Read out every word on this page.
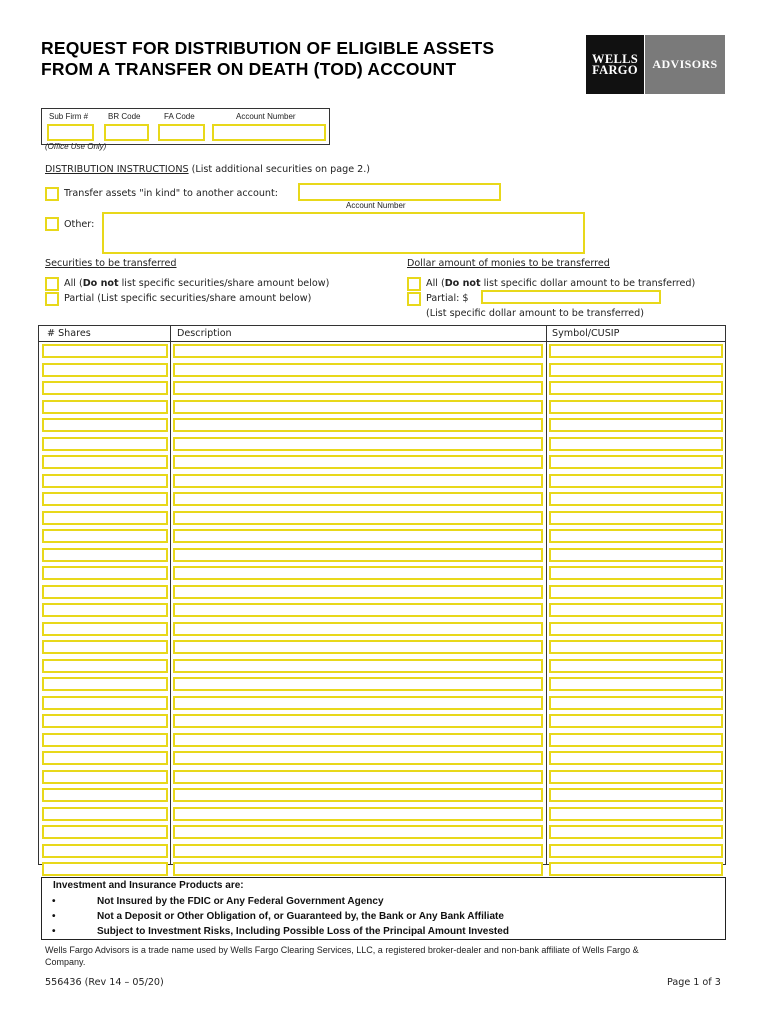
REQUEST FOR DISTRIBUTION OF ELIGIBLE ASSETS
FROM A TRANSFER ON DEATH (TOD) ACCOUNT
WELLS
FARGO	ADVISORS
Sub Firm # BR Code	FA Code	Account Number
(Office Use Only)
DISTRIBUTION INSTRUCTIONS (List additional securities on page 2.)
Transfer assets "in kind" to another account:
Account Number
Other:
Securities to be transferred
All (Do not list specific securities/share amount below)
Partial (List specific securities/share amount below)
Dollar amount of monies to be transferred
All (Do not list specific dollar amount to be transferred)
Partial: $
(List specific dollar amount to be transferred)
# Shares	Description	Symbol/CUSIP
Investment and Insurance Products are:
•	Not Insured by the FDIC or Any Federal Government Agency
•	Not a Deposit or Other Obligation of, or Guaranteed by, the Bank or Any Bank Affiliate
•	Subject to Investment Risks, Including Possible Loss of the Principal Amount Invested
Wells Fargo Advisors is a trade name used by Wells Fargo Clearing Services, LLC, a registered broker-dealer and non-bank affiliate of Wells Fargo &
Company.
556436 (Rev 14 – 05/20)	Page 1 of 3
